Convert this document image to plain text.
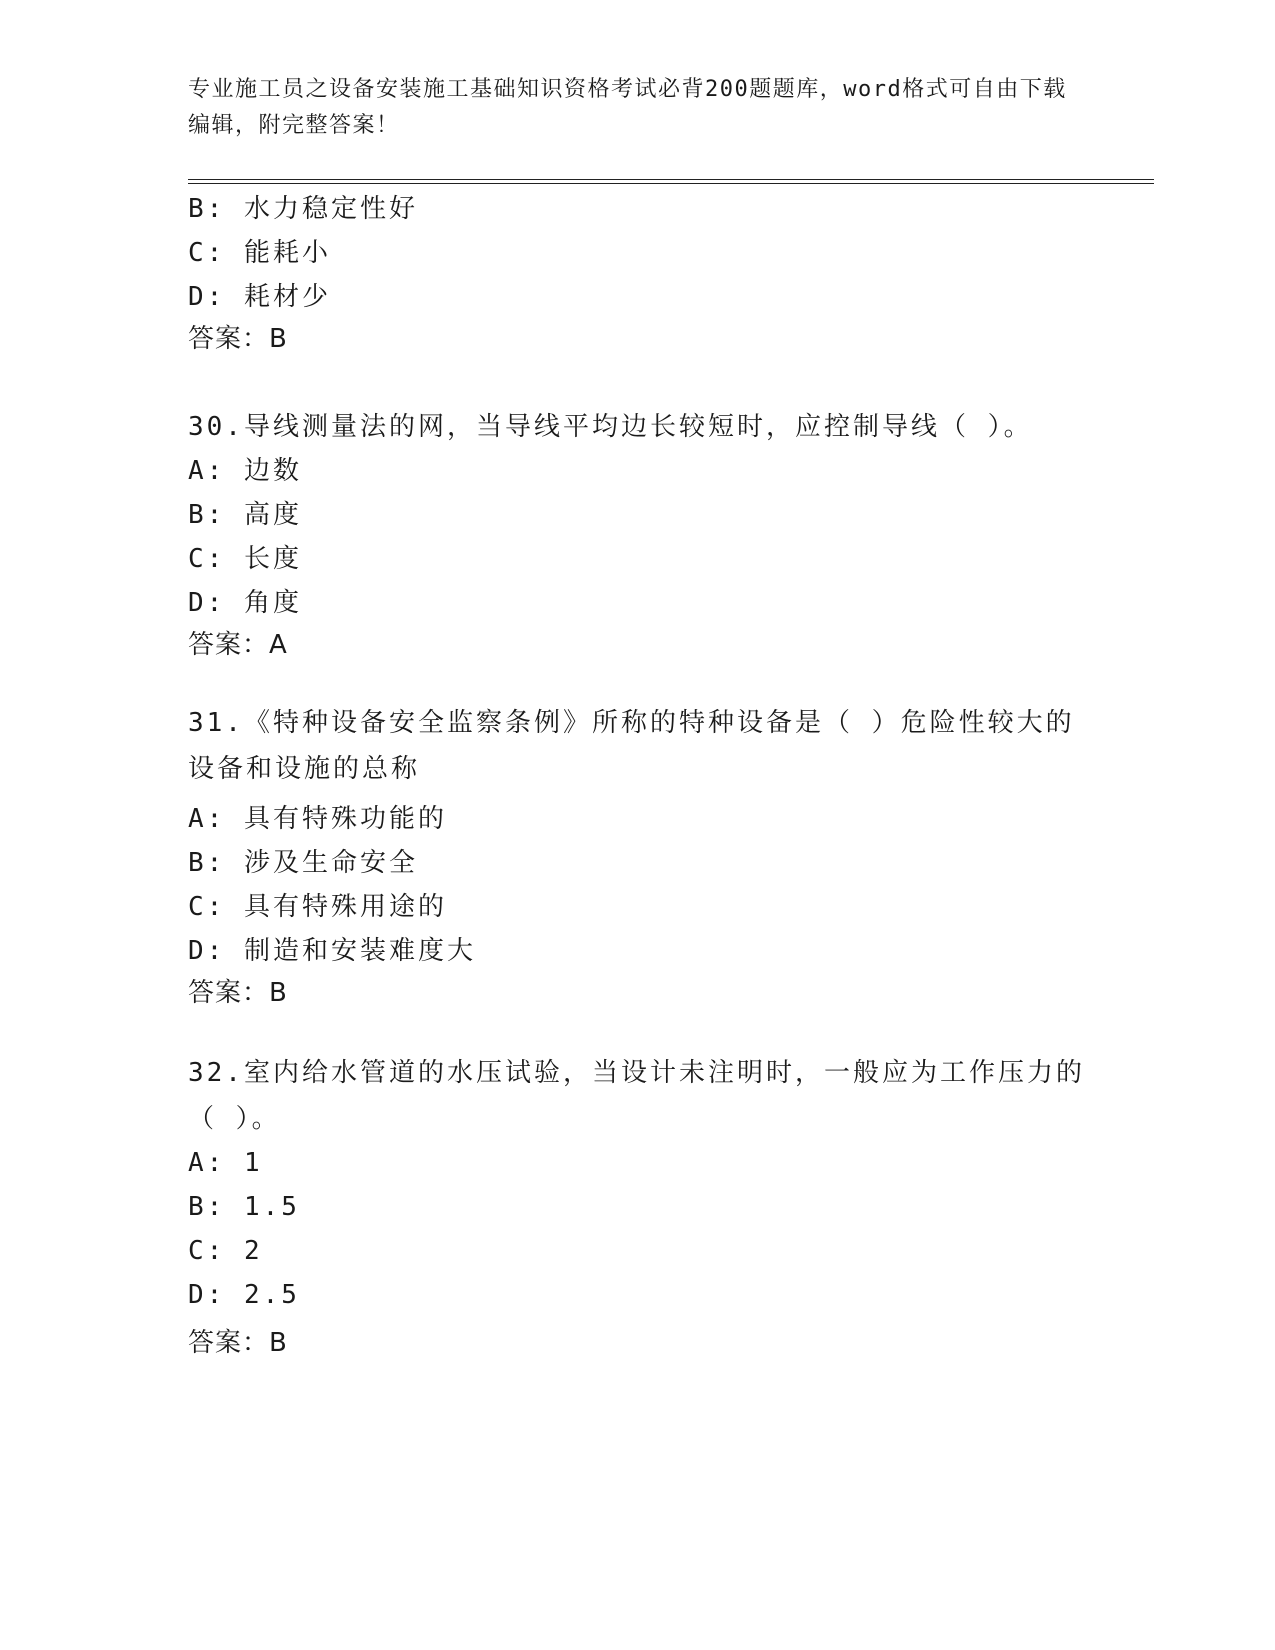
专业施工员之设备安装施工基础知识资格考试必背200题题库，word格式可自由下载编辑，附完整答案！
B: 水力稳定性好
C: 能耗小
D: 耗材少
答案：B
30.导线测量法的网，当导线平均边长较短时，应控制导线（ ）。
A: 边数
B: 高度
C: 长度
D: 角度
答案：A
31.《特种设备安全监察条例》所称的特种设备是（ ）危险性较大的设备和设施的总称
A: 具有特殊功能的
B: 涉及生命安全
C: 具有特殊用途的
D: 制造和安装难度大
答案：B
32.室内给水管道的水压试验，当设计未注明时，一般应为工作压力的（ ）。
A: 1
B: 1.5
C: 2
D: 2.5
答案：B
